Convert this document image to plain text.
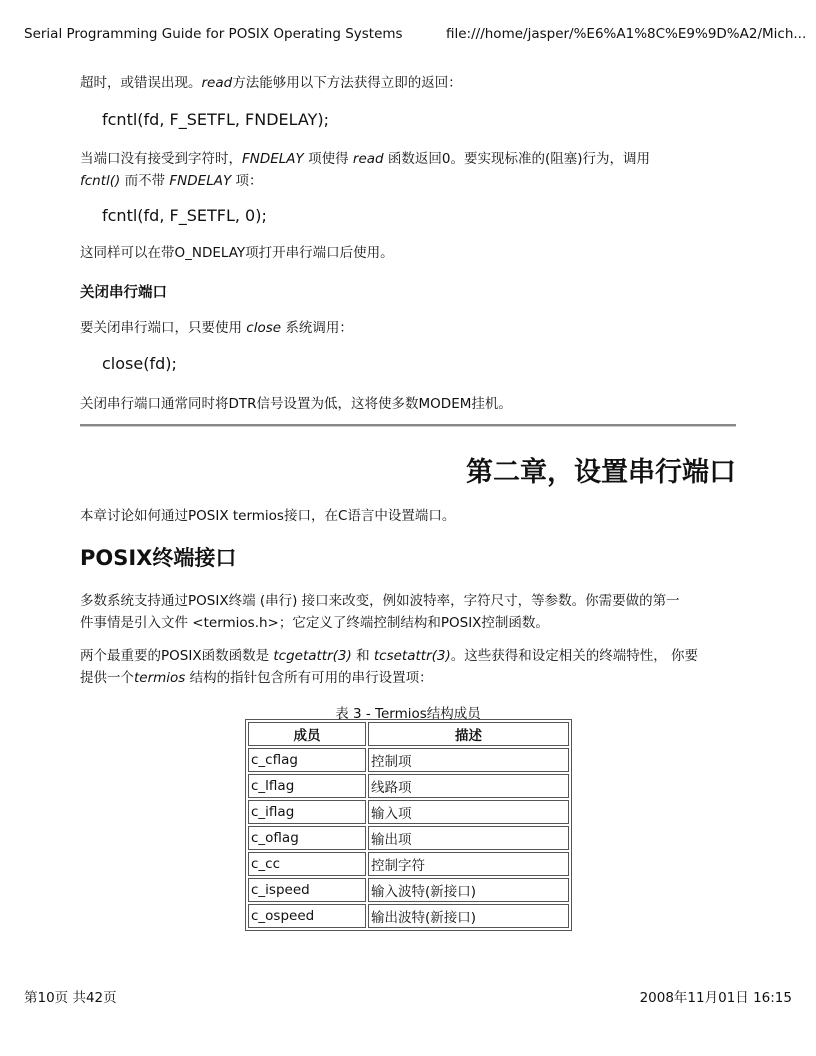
Serial Programming Guide for POSIX Operating Systems	file:///home/jasper/%E6%A1%8C%E9%9D%A2/Mich...
超时，或错误出现。read方法能够用以下方法获得立即的返回：
fcntl(fd, F_SETFL, FNDELAY);
当端口没有接受到字符时，FNDELAY 项使得 read 函数返回0。要实现标准的(阻塞)行为，调用
fcntl() 而不带 FNDELAY 项：
fcntl(fd, F_SETFL, 0);
这同样可以在带O_NDELAY项打开串行端口后使用。
关闭串行端口
要关闭串行端口，只要使用 close 系统调用：
close(fd);
关闭串行端口通常同时将DTR信号设置为低，这将使多数MODEM挂机。
第二章，设置串行端口
本章讨论如何通过POSIX termios接口，在C语言中设置端口。
POSIX终端接口
多数系统支持通过POSIX终端 (串行) 接口来改变，例如波特率，字符尺寸，等参数。你需要做的第一
件事情是引入文件 <termios.h>；它定义了终端控制结构和POSIX控制函数。
两个最重要的POSIX函数函数是 tcgetattr(3) 和 tcsetattr(3)。这些获得和设定相关的终端特性， 你要
提供一个termios 结构的指针包含所有可用的串行设置项：
表 3 - Termios结构成员
成员	描述
c_cflag	控制项
c_lflag	线路项
c_iflag	输入项
c_oflag	输出项
c_cc	控制字符
c_ispeed	输入波特(新接口)
c_ospeed	输出波特(新接口)
第10页 共42页	2008年11月01日 16:15
